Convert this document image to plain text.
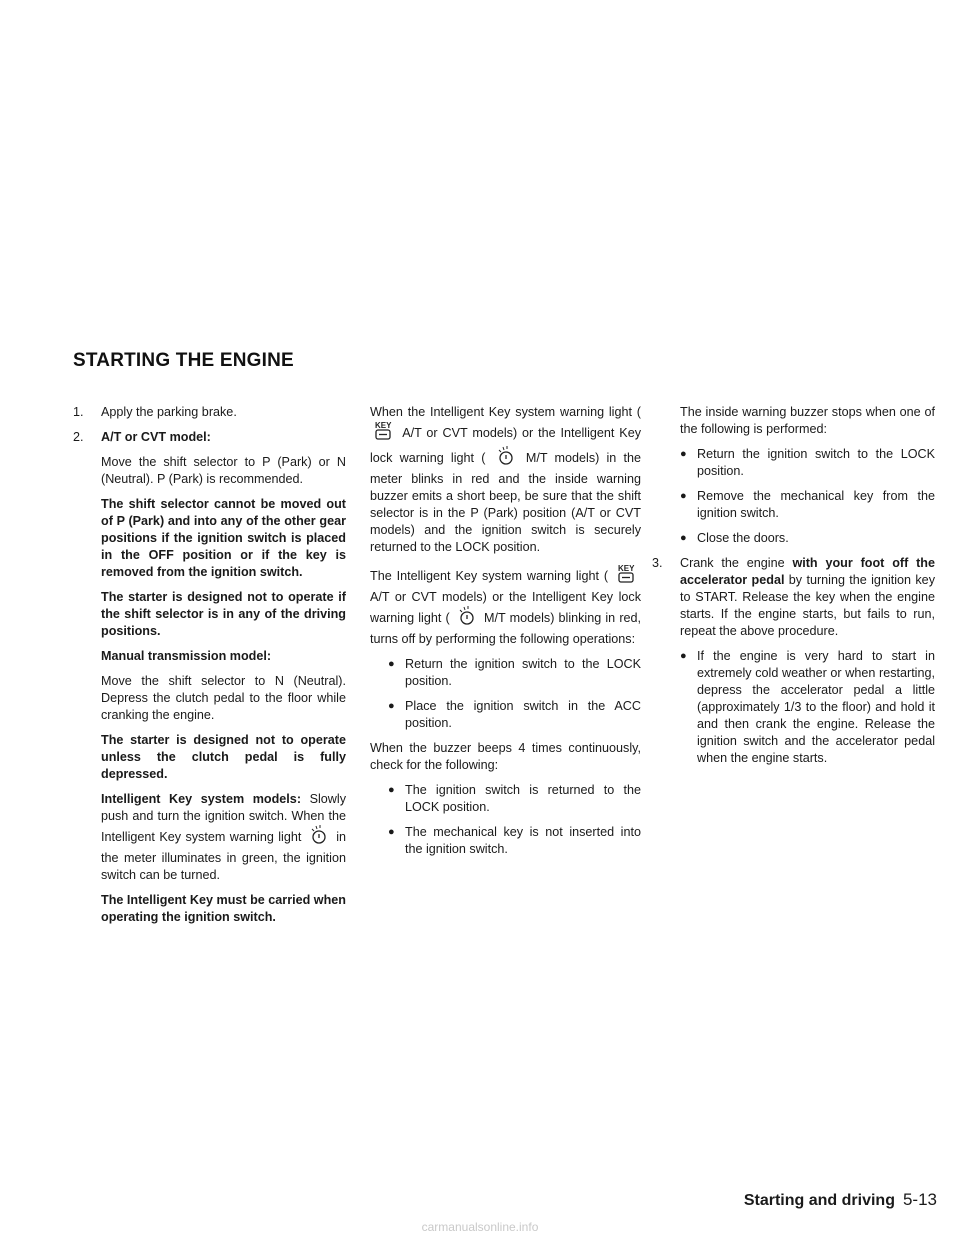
STARTING THE ENGINE
1.	Apply the parking brake.
2.	A/T or CVT model:

Move the shift selector to P (Park) or N (Neutral). P (Park) is recommended.

The shift selector cannot be moved out of P (Park) and into any of the other gear positions if the ignition switch is placed in the OFF position or if the key is removed from the ignition switch.

The starter is designed not to operate if the shift selector is in any of the driving positions.

Manual transmission model:

Move the shift selector to N (Neutral). Depress the clutch pedal to the floor while cranking the engine.

The starter is designed not to operate unless the clutch pedal is fully depressed.

Intelligent Key system models: Slowly push and turn the ignition switch. When the Intelligent Key system warning light	in the meter illuminates in green, the ignition switch can be turned.

The Intelligent Key must be carried when operating the ignition switch.

When the Intelligent Key system warning light (
KEY
A/T or CVT models) or the Intelligent Key lock warning light (	M/T models) in the meter blinks in red and the inside warning buzzer emits a short beep, be sure that the shift selector is in the P (Park) position (A/T or CVT models) and the ignition switch is securely returned to the LOCK position.

The Intelligent Key system warning light (
KEY
A/T or CVT models) or the Intelligent Key lock warning light (	M/T models) blinking in red, turns off by performing the following operations:

● Return the ignition switch to the LOCK position.
● Place the ignition switch in the ACC position.

When the buzzer beeps 4 times continuously, check for the following:

● The ignition switch is returned to the LOCK position.
● The mechanical key is not inserted into the ignition switch.

The inside warning buzzer stops when one of the following is performed:

● Return the ignition switch to the LOCK position.
● Remove the mechanical key from the ignition switch.
● Close the doors.
3.	Crank the engine with your foot off the accelerator pedal by turning the ignition key to START. Release the key when the engine starts. If the engine starts, but fails to run, repeat the above procedure.
● If the engine is very hard to start in extremely cold weather or when restarting, depress the accelerator pedal a little (approximately 1/3 to the floor) and hold it and then crank the engine. Release the ignition switch and the accelerator pedal when the engine starts.
Starting and driving 5-13
carmanualsonline.info
